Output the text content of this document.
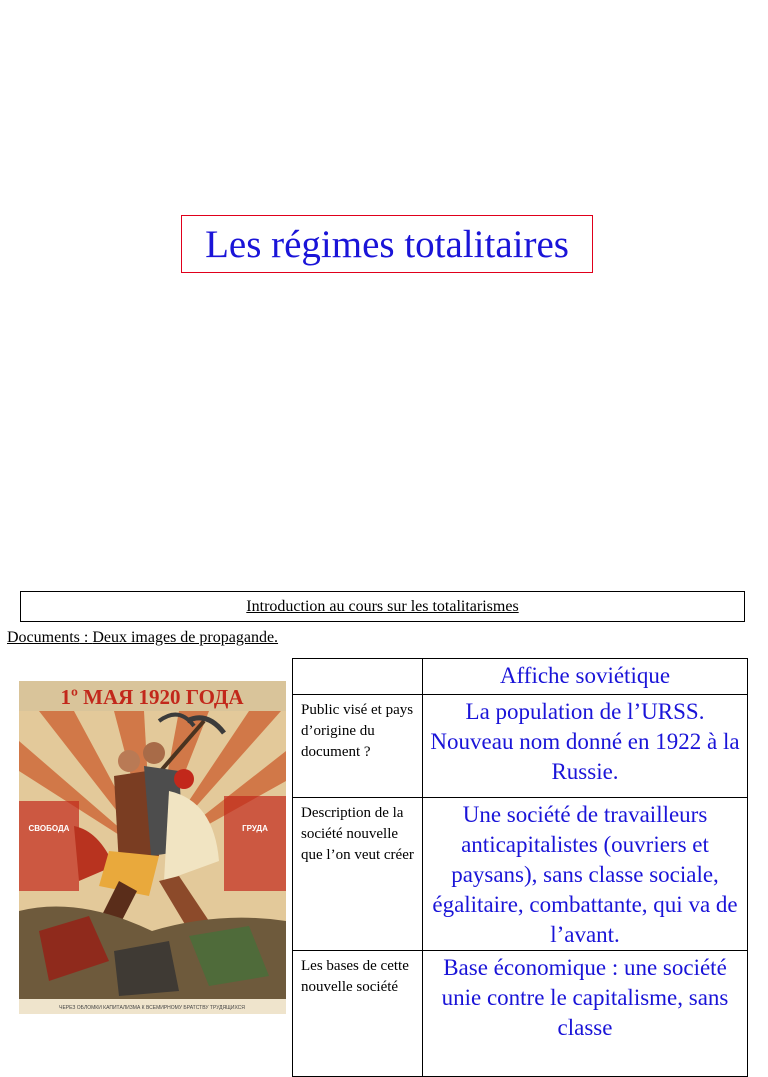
Les régimes totalitaires
Introduction au cours sur les totalitarismes
Documents : Deux images de propagande.
1º МАЯ 1920 ГОДА
СВОБОДА	ГРУДА
ЧЕРЕЗ ОБЛОМКИ КАПИТАЛИЗМА К ВСЕМИРНОМУ БРАТСТВУ ТРУДЯЩИХСЯ
	Affiche soviétique
Public visé et pays d’origine du document ?	La population de l’URSS. Nouveau nom donné en 1922 à la Russie.
Description de la société nouvelle que l’on veut créer	Une société de travailleurs anticapitalistes (ouvriers et paysans), sans classe sociale, égalitaire, combattante, qui va de l’avant.
Les bases de cette nouvelle société	Base économique : une société unie contre le capitalisme, sans classe
